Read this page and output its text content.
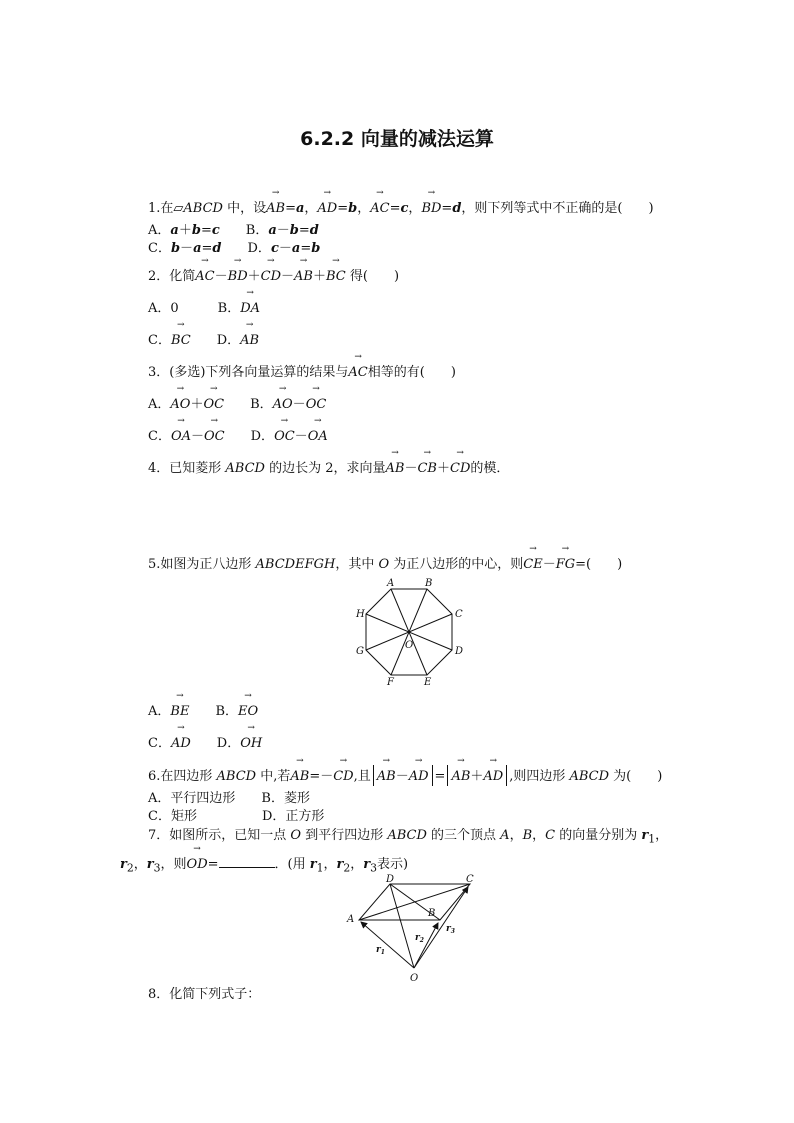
6.2.2 向量的减法运算
1.在▱ABCD 中，设→ AB=a，→ AD=b，→ AC=c，→ BD=d，则下列等式中不正确的是(　　)
A．a＋b=c　　B．a－b=d
C．b－a=d　　D．c－a=b
2．化简→ AC－→ BD＋→ CD－→ AB＋→ BC 得(　　)
A．0　　　B．→ DA
C．→ BC　　D．→ AB
3．(多选)下列各向量运算的结果与→ AC相等的有(　　)
A．→ AO＋→ OC　　B．→ AO－→ OC
C．→ OA－→ OC　　D．→ OC－→ OA
4．已知菱形 ABCD 的边长为 2，求向量→ AB－→ CB＋→ CD的模．
5.如图为正八边形 ABCDEFGH，其中 O 为正八边形的中心，则→ CE－→ FG=(　　)
A	B
C
D
E
F
G
H
O
A．→ BE　　B．→ EO
C．→ AD　　D．→ OH
6.在四边形 ABCD 中,若→ AB=－→ CD,且 → AB－→ AD = → AB＋→ AD ,则四边形 ABCD 为(　　)
A．平行四边形　　B．菱形
C．矩形　　　　　D．正方形
7．如图所示，已知一点 O 到平行四边形 ABCD 的三个顶点 A，B，C 的向量分别为 $r_1$，
$r_2$，$r_3$，则→ OD=	．(用 $r_1$，$r_2$，$r_3$表示)
D	C
A
B
O
$r_1$
$r_2$
$r_3$
8．化简下列式子：
